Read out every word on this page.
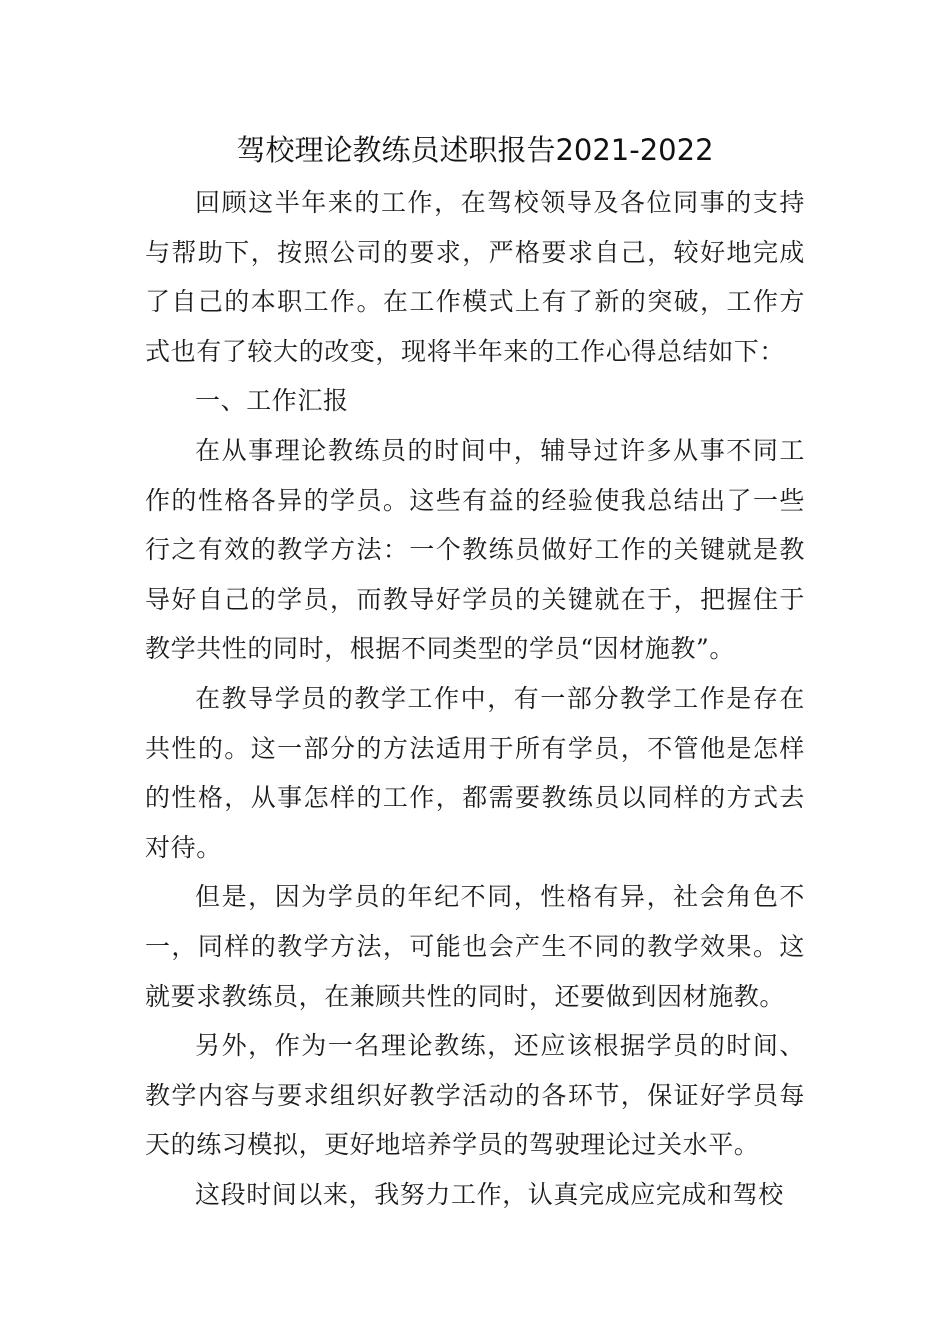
驾校理论教练员述职报告2021-2022

回顾这半年来的工作，在驾校领导及各位同事的支持与帮助下，按照公司的要求，严格要求自己，较好地完成了自己的本职工作。在工作模式上有了新的突破，工作方式也有了较大的改变，现将半年来的工作心得总结如下：

一、工作汇报

在从事理论教练员的时间中，辅导过许多从事不同工作的性格各异的学员。这些有益的经验使我总结出了一些行之有效的教学方法：一个教练员做好工作的关键就是教导好自己的学员，而教导好学员的关键就在于，把握住于教学共性的同时，根据不同类型的学员“因材施教”。

在教导学员的教学工作中，有一部分教学工作是存在共性的。这一部分的方法适用于所有学员，不管他是怎样的性格，从事怎样的工作，都需要教练员以同样的方式去对待。

但是，因为学员的年纪不同，性格有异，社会角色不一，同样的教学方法，可能也会产生不同的教学效果。这就要求教练员，在兼顾共性的同时，还要做到因材施教。

另外，作为一名理论教练，还应该根据学员的时间、教学内容与要求组织好教学活动的各环节，保证好学员每天的练习模拟，更好地培养学员的驾驶理论过关水平。

这段时间以来，我努力工作，认真完成应完成和驾校
